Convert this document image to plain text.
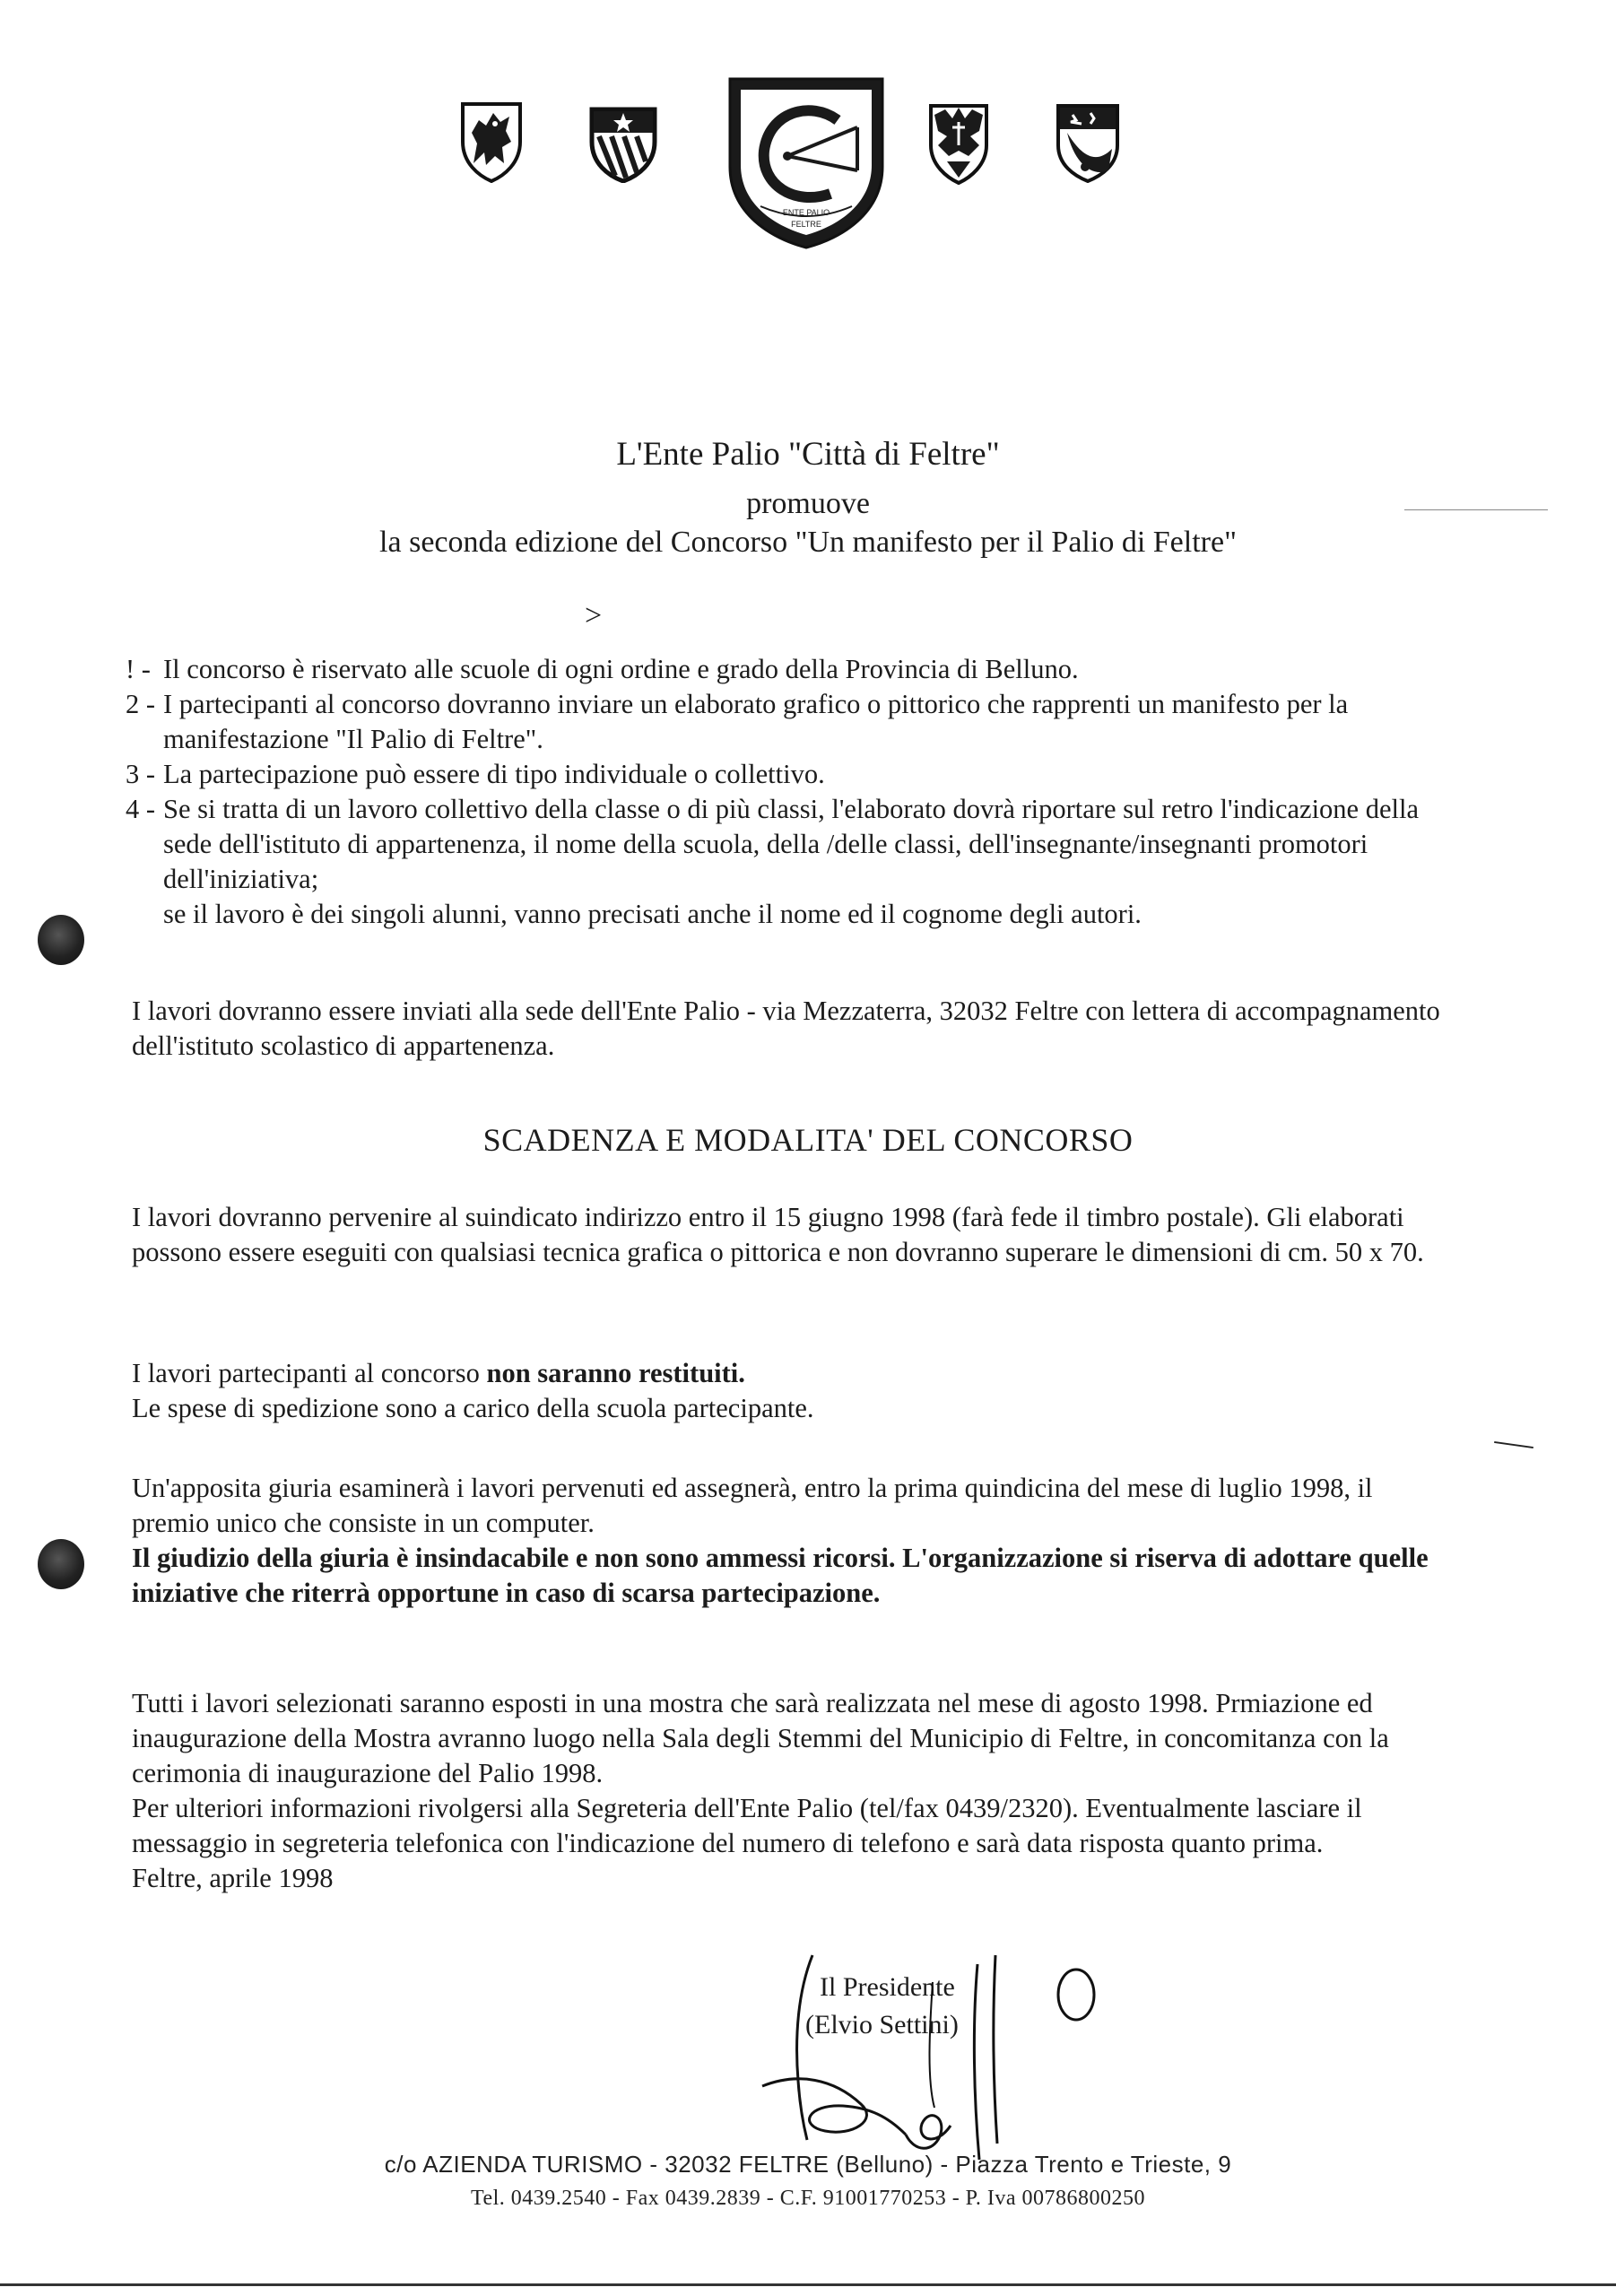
ENTE PALIO
FELTRE
L'Ente Palio "Città di Feltre"
promuove
la seconda edizione del Concorso "Un manifesto per il Palio di Feltre"
>
! - Il concorso è riservato alle scuole di ogni ordine e grado della Provincia di Belluno.
2 - I partecipanti al concorso dovranno inviare un elaborato grafico o pittorico che rapprenti un manifesto per la manifestazione "Il Palio di Feltre".
3 - La partecipazione può essere di tipo individuale o collettivo.
4 - Se si tratta di un lavoro collettivo della classe o di più classi, l'elaborato dovrà riportare sul retro l'indicazione della sede dell'istituto di appartenenza, il nome della scuola, della /delle classi, dell'insegnante/insegnanti promotori dell'iniziativa;
se il lavoro è dei singoli alunni, vanno precisati anche il nome ed il cognome degli autori.

I lavori dovranno essere inviati alla sede dell'Ente Palio - via Mezzaterra, 32032 Feltre con lettera di accompagnamento dell'istituto scolastico di appartenenza.

SCADENZA E MODALITA' DEL CONCORSO

I lavori dovranno pervenire al suindicato indirizzo entro il 15 giugno 1998 (farà fede il timbro postale). Gli elaborati possono essere eseguiti con qualsiasi tecnica grafica o pittorica e non dovranno superare le dimensioni di cm. 50 x 70.

I lavori partecipanti al concorso non saranno restituiti.

Le spese di spedizione sono a carico della scuola partecipante.

Un'apposita giuria esaminerà i lavori pervenuti ed assegnerà, entro la prima quindicina del mese di luglio 1998, il premio unico che consiste in un computer.

Il giudizio della giuria è insindacabile e non sono ammessi ricorsi. L'organizzazione si riserva di adottare quelle iniziative che riterrà opportune in caso di scarsa partecipazione.

Tutti i lavori selezionati saranno esposti in una mostra che sarà realizzata nel mese di agosto 1998. Prmiazione ed inaugurazione della Mostra avranno luogo nella Sala degli Stemmi del Municipio di Feltre, in concomitanza con la cerimonia di inaugurazione del Palio 1998.

Per ulteriori informazioni rivolgersi alla Segreteria dell'Ente Palio (tel/fax 0439/2320). Eventualmente lasciare il messaggio in segreteria telefonica con l'indicazione del numero di telefono e sarà data risposta quanto prima.

Feltre, aprile 1998

Il Presidente
(Elvio Settini)
c/o AZIENDA TURISMO - 32032 FELTRE (Belluno) - Piazza Trento e Trieste, 9
Tel. 0439.2540 - Fax 0439.2839 - C.F. 91001770253 - P. Iva 00786800250
